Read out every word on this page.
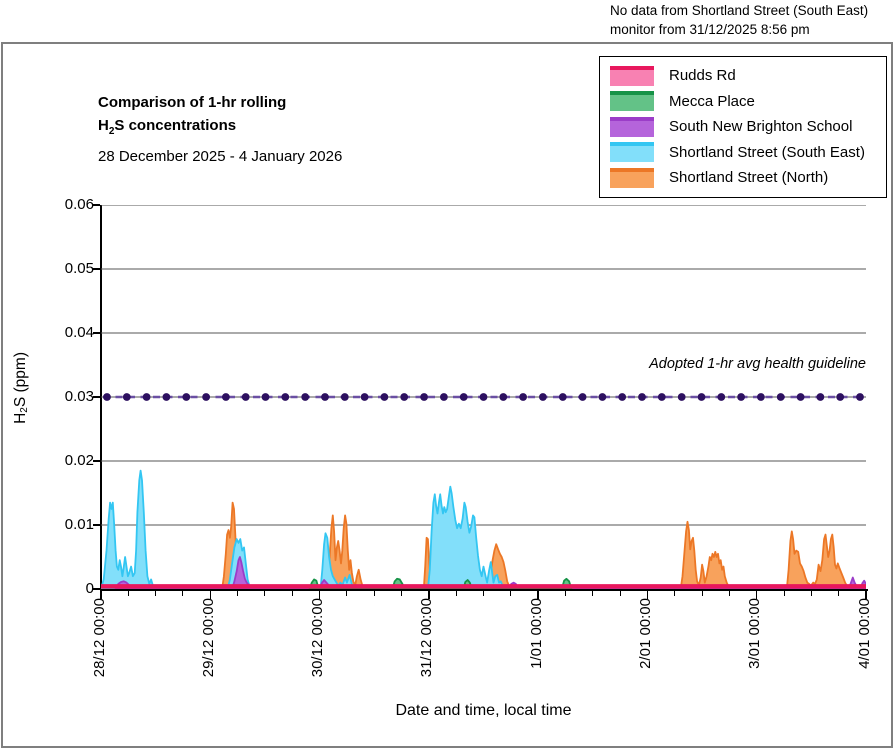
No data from Shortland Street (South East)
monitor from 31/12/2025 8:56 pm
Comparison of 1-hr rolling
$H_2S$ concentrations
28 December 2025 - 4 January 2026
Rudds Rd
Mecca Place
South New Brighton School
Shortland Street (South East)
Shortland Street (North)
Adopted 1-hr avg health guideline
Date and time, local time
$H_2S$ (ppm)
0
0.01
0.02
0.03
0.04
0.05
0.06
28/12 00:00	29/12 00:00	30/12 00:00	31/12 00:00	1/01 00:00	2/01 00:00	3/01 00:00	4/01 00:00
